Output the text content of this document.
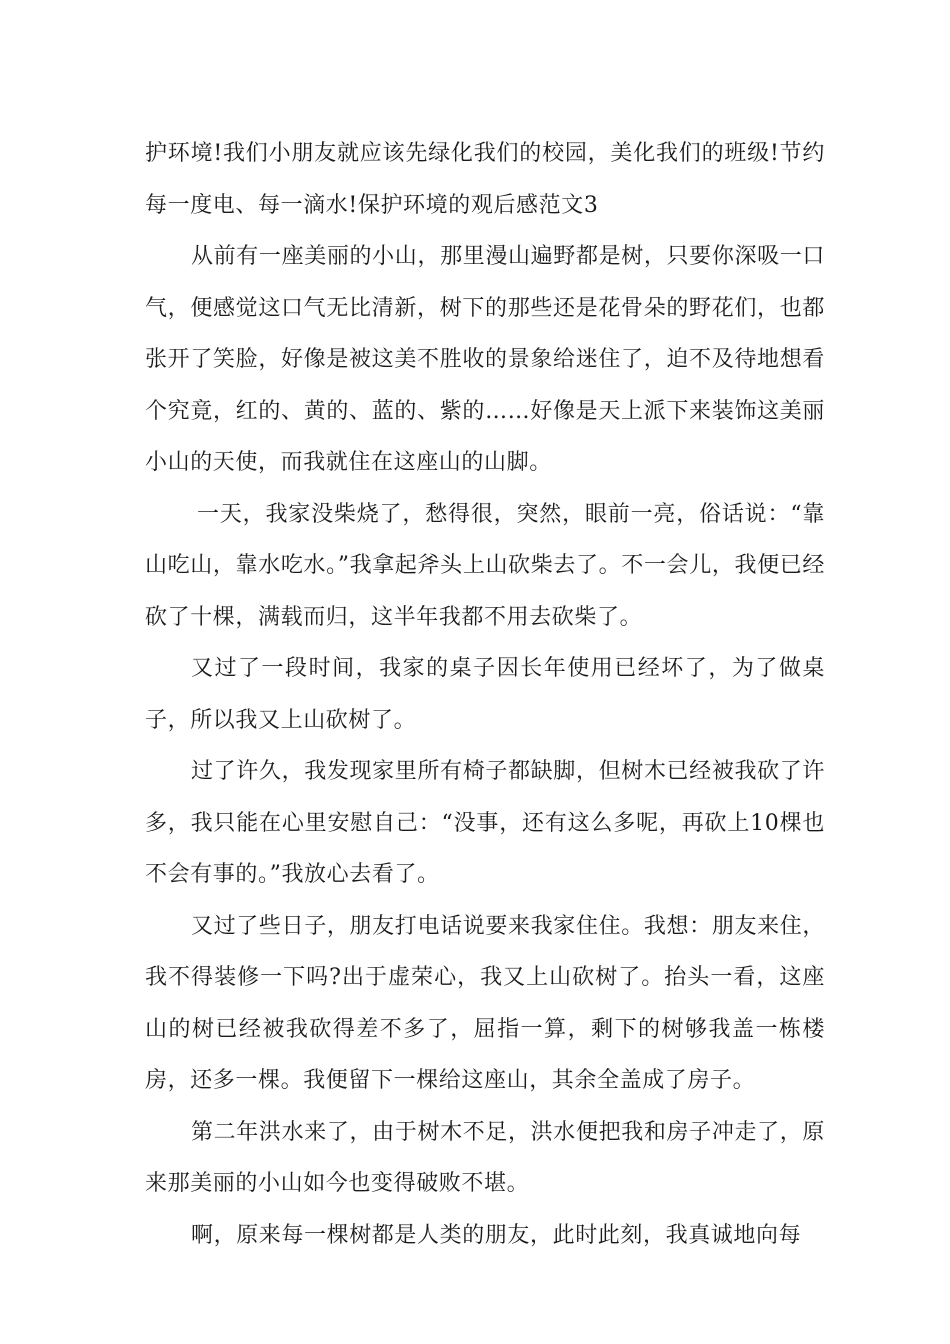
护环境!我们小朋友就应该先绿化我们的校园，美化我们的班级!节约每一度电、每一滴水!保护环境的观后感范文3

从前有一座美丽的小山，那里漫山遍野都是树，只要你深吸一口气，便感觉这口气无比清新，树下的那些还是花骨朵的野花们，也都张开了笑脸，好像是被这美不胜收的景象给迷住了，迫不及待地想看个究竟，红的、黄的、蓝的、紫的……好像是天上派下来装饰这美丽小山的天使，而我就住在这座山的山脚。

一天，我家没柴烧了，愁得很，突然，眼前一亮，俗话说：“靠山吃山，靠水吃水。”我拿起斧头上山砍柴去了。不一会儿，我便已经砍了十棵，满载而归，这半年我都不用去砍柴了。

又过了一段时间，我家的桌子因长年使用已经坏了，为了做桌子，所以我又上山砍树了。

过了许久，我发现家里所有椅子都缺脚，但树木已经被我砍了许多，我只能在心里安慰自己：“没事，还有这么多呢，再砍上10棵也不会有事的。”我放心去看了。

又过了些日子，朋友打电话说要来我家住住。我想：朋友来住，我不得装修一下吗?出于虚荣心，我又上山砍树了。抬头一看，这座山的树已经被我砍得差不多了，屈指一算，剩下的树够我盖一栋楼房，还多一棵。我便留下一棵给这座山，其余全盖成了房子。

第二年洪水来了，由于树木不足，洪水便把我和房子冲走了，原来那美丽的小山如今也变得破败不堪。

啊，原来每一棵树都是人类的朋友，此时此刻，我真诚地向每
